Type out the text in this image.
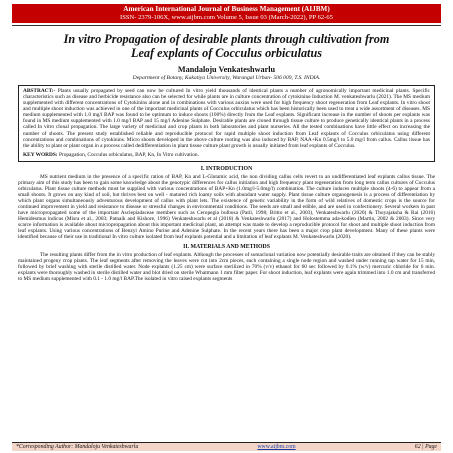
American International Journal of Business Management (AIJBM)
ISSN- 2379-106X, www.aijbm.com Volume 5, Issue 03 (March-2022), PP 62-65
In vitro Propagation of desirable plants through cultivation from
Leaf explants of Cocculus orbiculatus
Mandaloju Venkateshwarlu
Department of Botany, Kakatiya University, Warangal Urban- 506 009, T.S. INDIA.
ABSTRACT:- Plants usually propagated by seed can now be cultured In vitro yield thousands of identical plants a number of agronomically important medicinal plants. Specific characteristics such as disease and herbicide resistance also can be selected for while plants are in culture concentration of cytokinine Induction M. venkateshwarlu (2021). The MS medium supplemented with different concentrations of Cytokinins alone and in combinations with various auxins were used for high frequency shoot regeneration from Leaf explants. In vitro shoot and multiple shoot induction was achieved in one of the important medicinal plants of Cocculus orbiculatus which has been historically been used to treat a wide assortment of diseases. MS medium supplemented with 1.0 mg/l BAP was found to be optimum to induce shoots (100%) directly from the Leaf explants. Significant increase in the number of shoots per explants was found in MS medium supplemented with 1.0 mg/l BAP and 15 mg/l Adenine Sulphate. Desirable plants are cloned through tissue culture to produce genetically identical plants in a process called In vitro clonal propagation. The large variety of medicinal and crop plants in both laboratories and plant nurseries. All the tested combinations have little effect on increasing the number of shoots. The present study established reliable and reproducible protocol for rapid multiple shoot induction from Leaf explants of Cocculus orbiculatus using different concentrations and combinations of cytokinins. Micro shoots developed in the above culture rooting was also induced by BAP, NAA+Kn 0.5mg/l to 5.0 mg/l from callus. Callus tissue has the ability to plant or plant organ in a process called dedifferentiation in plant tissue culture plant growth is usually initiated from leaf explants of Cocculus.
KEY WORDS: Propagation, Cocculus orbiculatus, BAP, Kn, In Vitro cultivation.
I. INTRODUCTION
MS nutrient medium in the presence of a specific ration of BAP, Kn and L-Glutamic acid, the non dividing callus cells revert to an undifferentiated leaf explants callus tissue. The primary aim of this study has been to gain some knowledge about the genotypic differences for callus initiation and high frequency plant regeneration from long term callus cultures of Cocculus orbiculatus. Plant tissue culture methods must be supplied with various concentrations of BAP+Kn (1.0mg/l-5.0mg/l) combination. The culture induces multiple shoots (4-6) to appear from a small shoots. It grows on any kind of soil, but thrives best on well - matured rich loamy soils with abundant water supply. Plant tissue culture organogenesis is a process of differentiation by which plant organs simultaneously adventurous development of callus with plant lets. The existence of genetic variability in the form of wild relatives of domestic crops is the source for continued improvement in yield and resistance to disease or stressful changes in environmental conditions. The seeds are small and edible, and are used in confectionery. Several workers in past have micropropagated some of the important Asclepiadaceae members such as Ceropegia bulbosa (Patil, 1998; Britto et al., 2003), Venkateshwarlu (2020) & Thoyajaksha & Rai (2016) Hemidesmus indicus (Misra et al., 2003; Patnaik and Kishore, 1996) Venkateshwarlu et al (2018) & Venkateshwarlu (2017) and Holostemma ada-kodien (Martin, 2002 & 2003). Since very scarce information is available about micropropagation about this important medicinal plant, an attempt was made to develop a reproducible protocol for shoot and multiple shoot induction from leaf explants. Using various concentrations of Benzyl Amino Purine and Adenine Sulphate. In the recent years there has been a major crop plant development. Many of these plants were identified because of their use in traditional In vitro culture isolated from leaf explants potential and a limitation of leaf explants M. Venkateshwarlu (2020).
II. MATERIALS AND METHODS
The resulting plants differ from the in vitro production of leaf explants. Although the processes of somaclonal variation now potentially desirable traits are obtained if they can be stably maintained progeny crop plants. The leaf segments after removing the leaves were cut into 2cm pieces, each containing a single node region and washed under running tap water for 15 min, followed by brief washing with sterile distilled water. Node explants (1.25 cm) were surface sterilized in 70% (v/v) ethanol for 60 sec followed by 0.1% (w/v) mercuric chloride for 6 min. explants were thoroughly washed in sterile distilled water and blot dried on sterile Whatmann 1 mm filter paper. For shoot induction, leaf explants were again trimmed into 1.0 cm and transferred to MS medium supplemented with 0.1 - 1.0 mg/l BAP.The isolated in vitro raised explants segments
*Corresponding Author: Mandaloju Venkateshwarlu	www.aijbm.com	62 | Page
